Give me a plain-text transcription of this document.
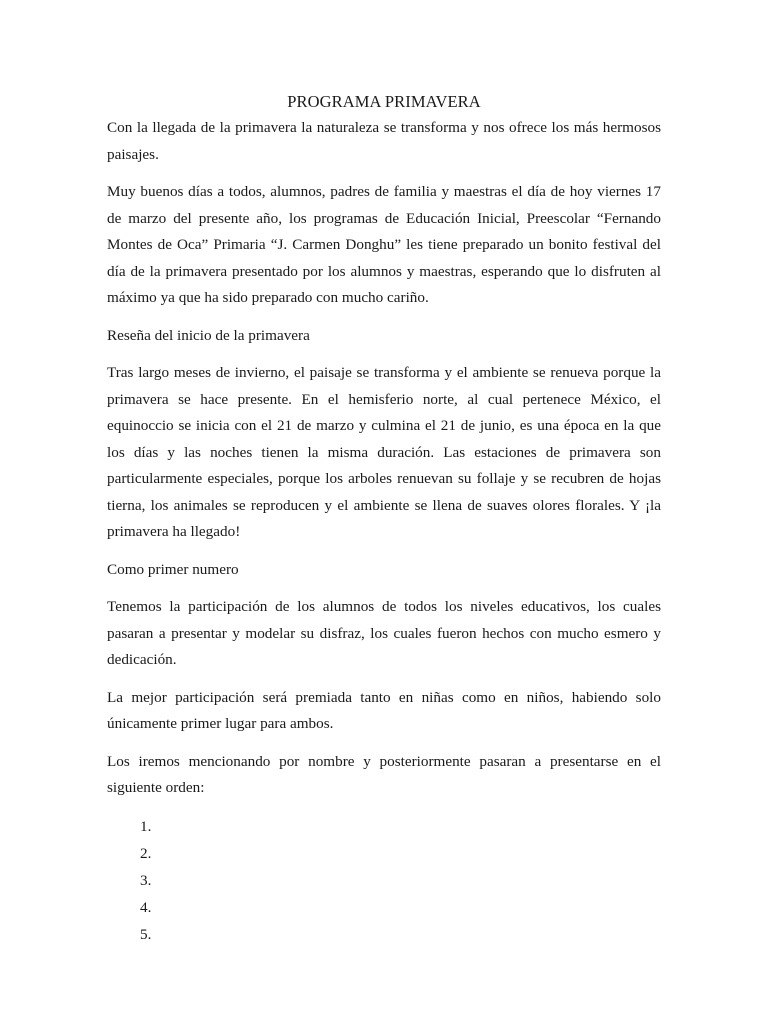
PROGRAMA PRIMAVERA

Con la llegada de la primavera la naturaleza se transforma y nos ofrece los más hermosos paisajes.

Muy buenos días a todos, alumnos, padres de familia y maestras el día de hoy viernes 17 de marzo del presente año, los programas de Educación Inicial, Preescolar “Fernando Montes de Oca” Primaria “J. Carmen Donghu” les tiene preparado un bonito festival del día de la primavera presentado por los alumnos y maestras, esperando que lo disfruten al máximo ya que ha sido preparado con mucho cariño.

Reseña del inicio de la primavera

Tras largo meses de invierno, el paisaje se transforma y el ambiente se renueva porque la primavera se hace presente. En el hemisferio norte, al cual pertenece México, el equinoccio se inicia con el 21 de marzo y culmina el 21 de junio, es una época en la que los días y las noches tienen la misma duración. Las estaciones de primavera son particularmente especiales, porque los arboles renuevan su follaje y se recubren de hojas tierna, los animales se reproducen y el ambiente se llena de suaves olores florales. Y ¡la primavera ha llegado!

Como primer numero

Tenemos la participación de los alumnos de todos los niveles educativos, los cuales pasaran a presentar y modelar su disfraz, los cuales fueron hechos con mucho esmero y dedicación.

La mejor participación será premiada tanto en niñas como en niños, habiendo solo únicamente primer lugar para ambos.

Los iremos mencionando por nombre y posteriormente pasaran a presentarse en el siguiente orden:

1.
2.
3.
4.
5.
